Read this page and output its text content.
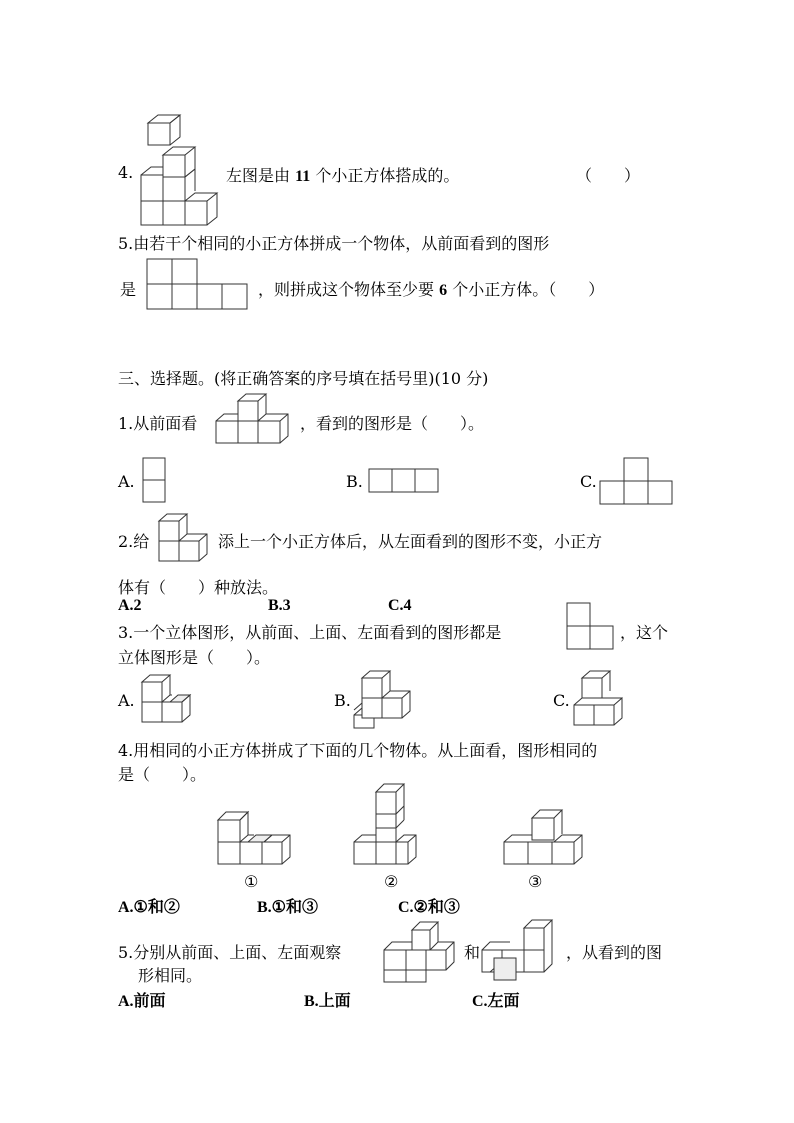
4.	左图是由 11 个小正方体搭成的。	（　　）
5.由若干个相同的小正方体拼成一个物体，从前面看到的图形
是	，则拼成这个物体至少要 6 个小正方体。（　　）
三、选择题。(将正确答案的序号填在括号里)(10 分)
1.从前面看	，看到的图形是（　　）。
A.	B.	C.
2.给	添上一个小正方体后，从左面看到的图形不变，小正方
体有（　　）种放法。
A.2	B.3	C.4
3.一个立体图形，从前面、上面、左面看到的图形都是	，这个
立体图形是（　　）。
A.	B.	C.
4.用相同的小正方体拼成了下面的几个物体。从上面看，图形相同的
是（　　）。
①	②	③
A.①和②	B.①和③	C.②和③
5.分别从前面、上面、左面观察	和	，从看到的图
形相同。
A.前面	B.上面	C.左面
